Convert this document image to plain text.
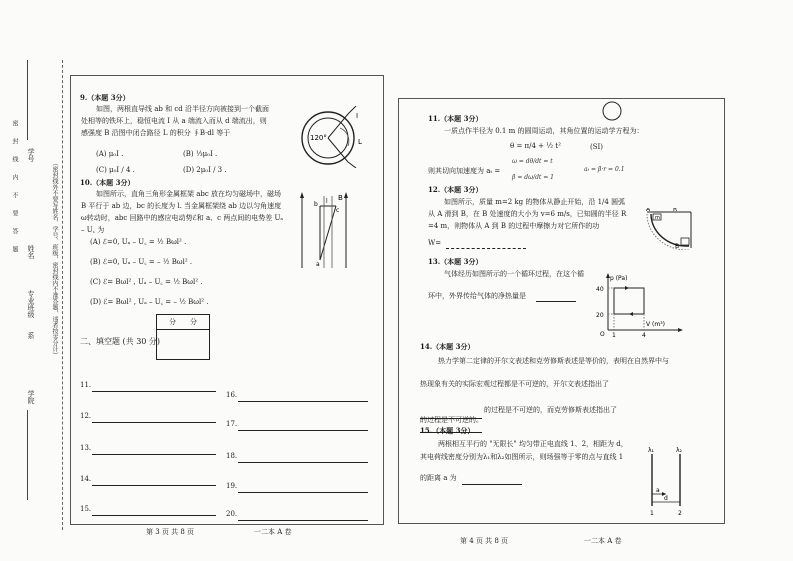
密　　封　　线　　内　　不　　要　　答　　题	（密封线外不要写姓名、学号、班级，密封线内不准答题，违者按零分计）
学院
系
专业班级
姓名
学号
9.（本题 3分）
如图，两根直导线 ab 和 cd 沿半径方向被接到一个截面
处相等的铁环上，稳恒电流 I 从 a 端流入而从 d 端流出，则
感强度 B 沿图中闭合路径 L 的积分 ∮B·dl 等于
(A) μ₀I .	(B) ⅓μ₀I .
(C) μ₀I / 4 .	(D) 2μ₀I / 3 .
120°	L
I
10.（本题 3分）
如图所示，直角三角形金属框架 abc 放在均匀磁场中，磁场
B 平行于 ab 边，bc 的长度为 l. 当金属框架绕 ab 边以匀角速度
ω转动时，abc 回路中的感应电动势ℰ和 a、c 两点间的电势差 Uₐ
– U꜀ 为
(A) ℰ=0, Uₐ – U꜀ = ½ Bωl² .
(B) ℰ=0, Uₐ – U꜀ = – ½ Bωl² .
(C) ℰ= Bωl² , Uₐ – U꜀ = ½ Bωl² .
(D) ℰ= Bωl² , Uₐ – U꜀ = – ½ Bωl² .
B
a
b
c
l
二、填空题 (共 30 分)
分　　分
11.
12.
13.
14.
15.
16.
17.
18.
19.
20.
第 3 页 共 8 页	一二本 A 卷
11.（本题 3分）
一质点作半径为 0.1 m 的圆周运动，其角位置的运动学方程为：
θ = π/4 + ½ t²	(SI)
则其切向加速度为 aₜ =
ω = dθ/dt = t
β = dω/dt = 1
aₜ = β·r = 0.1
12.（本题 3分）
如图所示，质量 m=2 kg 的物体从静止开始，沿 1/4 圆弧
从 A 滑到 B，在 B 处速度的大小为 v=6 m/s，已知圆的半径 R
=4 m，则物体从 A 到 B 的过程中摩擦力对它所作的功
W=
A
m
R
B
13.（本题 3分）
气体经历如图所示的一个循环过程，在这个循
环中，外界传给气体的净热量是
p (Pa)
V (m³)
40
20
O 1	4
14.（本题 3分）
热力学第二定律的开尔文表述和克劳修斯表述是等价的，表明在自然界中与
热现象有关的实际宏观过程都是不可逆的，开尔文表述指出了
的过程是不可逆的，而克劳修斯表述指出了
的过程是不可逆的。
15.（本题 3分）
两根相互平行的 "无限长" 均匀带正电直线 1、2，相距为 d，
其电荷线密度分别为λ₁和λ₂如图所示，则场强等于零的点与直线 1
的距离 a 为
λ₁	λ₂
a
d
1	2
第 4 页 共 8 页	一二本 A 卷
